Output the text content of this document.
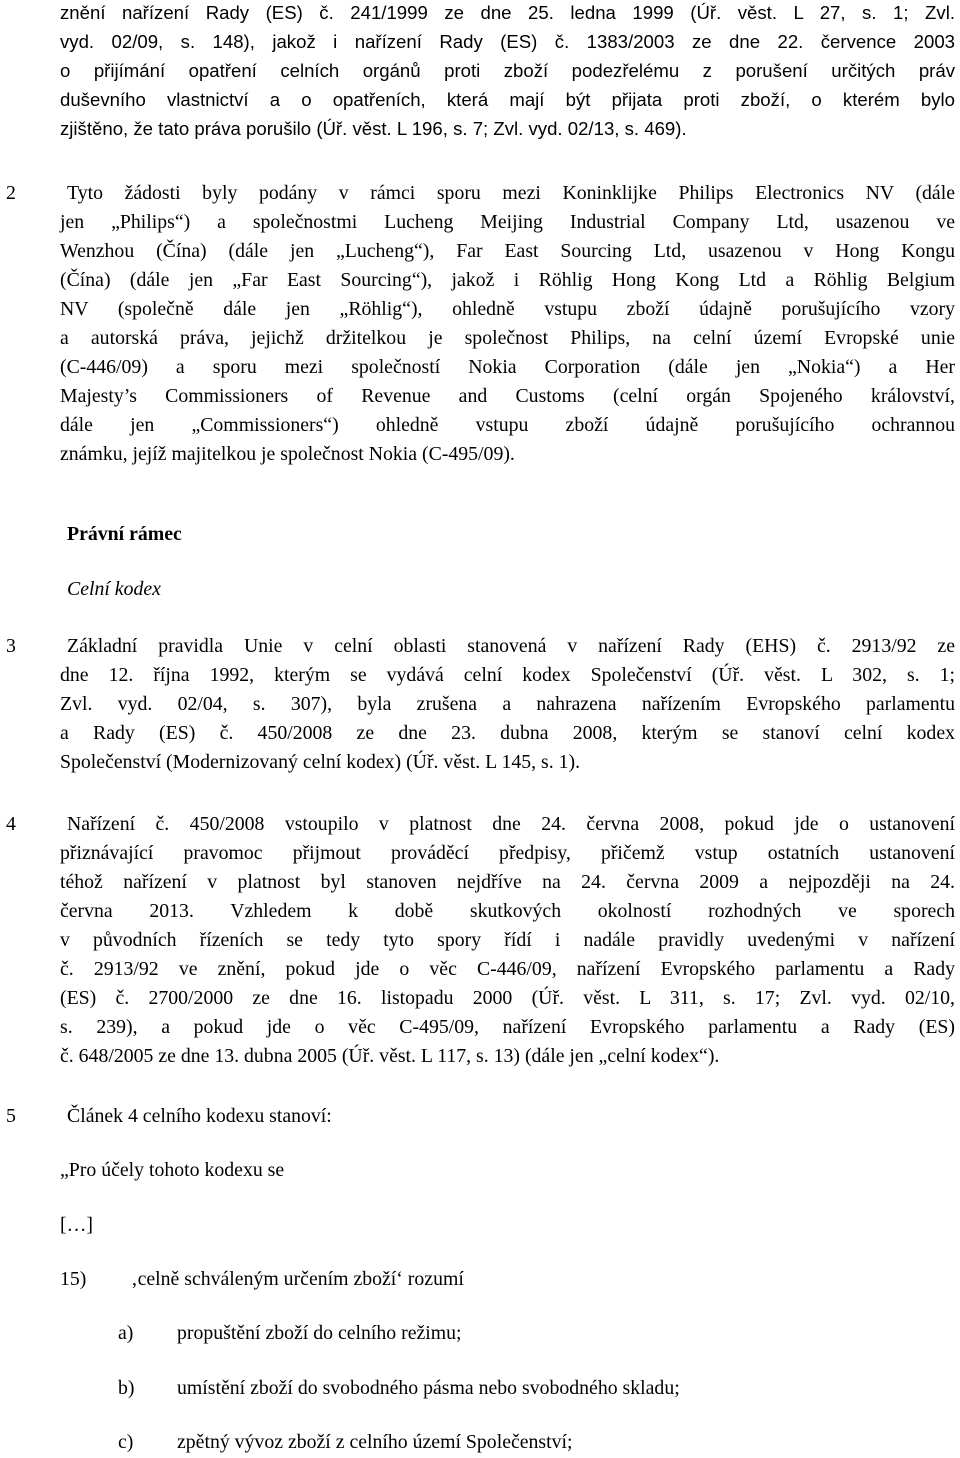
znění nařízení Rady (ES) č. 241/1999 ze dne 25. ledna 1999 (Úř. věst. L 27, s. 1; Zvl.
vyd. 02/09, s. 148), jakož i nařízení Rady (ES) č. 1383/2003 ze dne 22. července 2003
o přijímání opatření celních orgánů proti zboží podezřelému z porušení určitých práv
duševního vlastnictví a o opatřeních, která mají být přijata proti zboží, o kterém bylo
zjištěno, že tato práva porušilo (Úř. věst. L 196, s. 7; Zvl. vyd. 02/13, s. 469).
2	Tyto žádosti byly podány v rámci sporu mezi Koninklijke Philips Electronics NV (dále
jen „Philips“) a společnostmi Lucheng Meijing Industrial Company Ltd, usazenou ve
Wenzhou (Čína) (dále jen „Lucheng“), Far East Sourcing Ltd, usazenou v Hong Kongu
(Čína) (dále jen „Far East Sourcing“), jakož i Röhlig Hong Kong Ltd a Röhlig Belgium
NV (společně dále jen „Röhlig“), ohledně vstupu zboží údajně porušujícího vzory
a autorská práva, jejichž držitelkou je společnost Philips, na celní území Evropské unie
(C-446/09) a sporu mezi společností Nokia Corporation (dále jen „Nokia“) a Her
Majesty’s Commissioners of Revenue and Customs (celní orgán Spojeného království,
dále jen „Commissioners“) ohledně vstupu zboží údajně porušujícího ochrannou
známku, jejíž majitelkou je společnost Nokia (C-495/09).
Právní rámec
Celní kodex
3	Základní pravidla Unie v celní oblasti stanovená v nařízení Rady (EHS) č. 2913/92 ze
dne 12. října 1992, kterým se vydává celní kodex Společenství (Úř. věst. L 302, s. 1;
Zvl. vyd. 02/04, s. 307), byla zrušena a nahrazena nařízením Evropského parlamentu
a Rady (ES) č. 450/2008 ze dne 23. dubna 2008, kterým se stanoví celní kodex
Společenství (Modernizovaný celní kodex) (Úř. věst. L 145, s. 1).
4	Nařízení č. 450/2008 vstoupilo v platnost dne 24. června 2008, pokud jde o ustanovení
přiznávající pravomoc přijmout prováděcí předpisy, přičemž vstup ostatních ustanovení
téhož nařízení v platnost byl stanoven nejdříve na 24. června 2009 a nejpozději na 24.
června 2013. Vzhledem k době skutkových okolností rozhodných ve sporech
v původních řízeních se tedy tyto spory řídí i nadále pravidly uvedenými v nařízení
č. 2913/92 ve znění, pokud jde o věc C-446/09, nařízení Evropského parlamentu a Rady
(ES) č. 2700/2000 ze dne 16. listopadu 2000 (Úř. věst. L 311, s. 17; Zvl. vyd. 02/10,
s. 239), a pokud jde o věc C-495/09, nařízení Evropského parlamentu a Rady (ES)
č. 648/2005 ze dne 13. dubna 2005 (Úř. věst. L 117, s. 13) (dále jen „celní kodex“).
5	Článek 4 celního kodexu stanoví:
„Pro účely tohoto kodexu se
[…]
15) ‚celně schváleným určením zboží‘ rozumí
a) propuštění zboží do celního režimu;
b) umístění zboží do svobodného pásma nebo svobodného skladu;
c) zpětný vývoz zboží z celního území Společenství;
